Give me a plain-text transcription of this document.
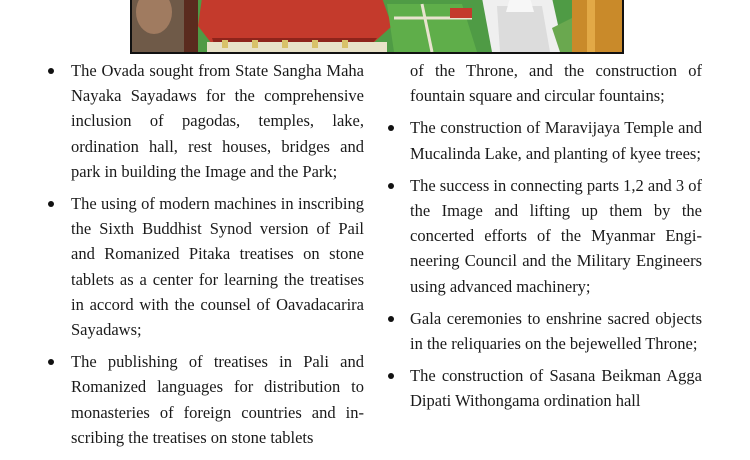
The Ovada sought from State Sangha Maha Nayaka Sayadaws for the comprehensive inclusion of pagodas, temples, lake, ordination hall, rest houses, bridges and park in building the Image and the Park;
The using of modern machines in inscribing the Sixth Buddhist Synod version of Pail and Romanized Pitaka treatises on stone tablets as a center for learning the treatises in accord with the counsel of Oavadacarira Sayadaws;
The publishing of treatises in Pali and Romanized languages for distribution to monasteries of foreign countries and inscribing the treatises on stone tablets
of the Throne, and the construction of fountain square and circular fountains;
The construction of Maravijaya Temple and Mucalinda Lake, and planting of kyee trees;
The success in connecting parts 1,2 and 3 of the Image and lifting up them by the concerted efforts of the Myanmar Engineering Council and the Military Engineers using advanced machinery;
Gala ceremonies to enshrine sacred objects in the reliquaries on the bejewelled Throne;
The construction of Sasana Beikman Agga Dipati Withongama ordination hall
